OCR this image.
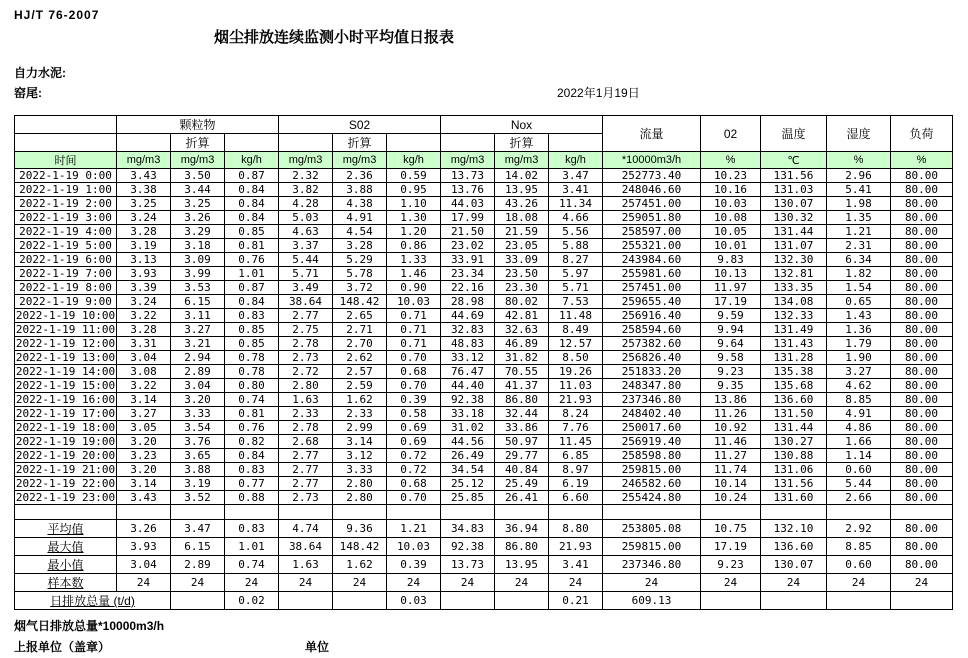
HJ/T 76-2007
烟尘排放连续监测小时平均值日报表
自力水泥:
窑尾:	2022年1月19日
	颗粒物			S02			Nox			流量	02	温度	湿度	负荷
		折算			折算			折算						
时间	mg/m3	mg/m3	kg/h	mg/m3	mg/m3	kg/h	mg/m3	mg/m3	kg/h	*10000m3/h	%	℃	%	%
2022-1-19 0:00	3.43	3.50	0.87	2.32	2.36	0.59	13.73	14.02	3.47	252773.40	10.23	131.56	2.96	80.00
2022-1-19 1:00	3.38	3.44	0.84	3.82	3.88	0.95	13.76	13.95	3.41	248046.60	10.16	131.03	5.41	80.00
2022-1-19 2:00	3.25	3.25	0.84	4.28	4.38	1.10	44.03	43.26	11.34	257451.00	10.03	130.07	1.98	80.00
2022-1-19 3:00	3.24	3.26	0.84	5.03	4.91	1.30	17.99	18.08	4.66	259051.80	10.08	130.32	1.35	80.00
2022-1-19 4:00	3.28	3.29	0.85	4.63	4.54	1.20	21.50	21.59	5.56	258597.00	10.05	131.44	1.21	80.00
2022-1-19 5:00	3.19	3.18	0.81	3.37	3.28	0.86	23.02	23.05	5.88	255321.00	10.01	131.07	2.31	80.00
2022-1-19 6:00	3.13	3.09	0.76	5.44	5.29	1.33	33.91	33.09	8.27	243984.60	9.83	132.30	6.34	80.00
2022-1-19 7:00	3.93	3.99	1.01	5.71	5.78	1.46	23.34	23.50	5.97	255981.60	10.13	132.81	1.82	80.00
2022-1-19 8:00	3.39	3.53	0.87	3.49	3.72	0.90	22.16	23.30	5.71	257451.00	11.97	133.35	1.54	80.00
2022-1-19 9:00	3.24	6.15	0.84	38.64	148.42	10.03	28.98	80.02	7.53	259655.40	17.19	134.08	0.65	80.00
2022-1-19 10:00	3.22	3.11	0.83	2.77	2.65	0.71	44.69	42.81	11.48	256916.40	9.59	132.33	1.43	80.00
2022-1-19 11:00	3.28	3.27	0.85	2.75	2.71	0.71	32.83	32.63	8.49	258594.60	9.94	131.49	1.36	80.00
2022-1-19 12:00	3.31	3.21	0.85	2.78	2.70	0.71	48.83	46.89	12.57	257382.60	9.64	131.43	1.79	80.00
2022-1-19 13:00	3.04	2.94	0.78	2.73	2.62	0.70	33.12	31.82	8.50	256826.40	9.58	131.28	1.90	80.00
2022-1-19 14:00	3.08	2.89	0.78	2.72	2.57	0.68	76.47	70.55	19.26	251833.20	9.23	135.38	3.27	80.00
2022-1-19 15:00	3.22	3.04	0.80	2.80	2.59	0.70	44.40	41.37	11.03	248347.80	9.35	135.68	4.62	80.00
2022-1-19 16:00	3.14	3.20	0.74	1.63	1.62	0.39	92.38	86.80	21.93	237346.80	13.86	136.60	8.85	80.00
2022-1-19 17:00	3.27	3.33	0.81	2.33	2.33	0.58	33.18	32.44	8.24	248402.40	11.26	131.50	4.91	80.00
2022-1-19 18:00	3.05	3.54	0.76	2.78	2.99	0.69	31.02	33.86	7.76	250017.60	10.92	131.44	4.86	80.00
2022-1-19 19:00	3.20	3.76	0.82	2.68	3.14	0.69	44.56	50.97	11.45	256919.40	11.46	130.27	1.66	80.00
2022-1-19 20:00	3.23	3.65	0.84	2.77	3.12	0.72	26.49	29.77	6.85	258598.80	11.27	130.88	1.14	80.00
2022-1-19 21:00	3.20	3.88	0.83	2.77	3.33	0.72	34.54	40.84	8.97	259815.00	11.74	131.06	0.60	80.00
2022-1-19 22:00	3.14	3.19	0.77	2.77	2.80	0.68	25.12	25.49	6.19	246582.60	10.14	131.56	5.44	80.00
2022-1-19 23:00	3.43	3.52	0.88	2.73	2.80	0.70	25.85	26.41	6.60	255424.80	10.24	131.60	2.66	80.00

平均值	3.26	3.47	0.83	4.74	9.36	1.21	34.83	36.94	8.80	253805.08	10.75	132.10	2.92	80.00
最大值	3.93	6.15	1.01	38.64	148.42	10.03	92.38	86.80	21.93	259815.00	17.19	136.60	8.85	80.00
最小值	3.04	2.89	0.74	1.63	1.62	0.39	13.73	13.95	3.41	237346.80	9.23	130.07	0.60	80.00
样本数	24	24	24	24	24	24	24	24	24	24	24	24	24	24
日排放总量 (t/d)			0.02			0.03			0.21	609.13				
烟气日排放总量*10000m3/h
上报单位（盖章）	单位
